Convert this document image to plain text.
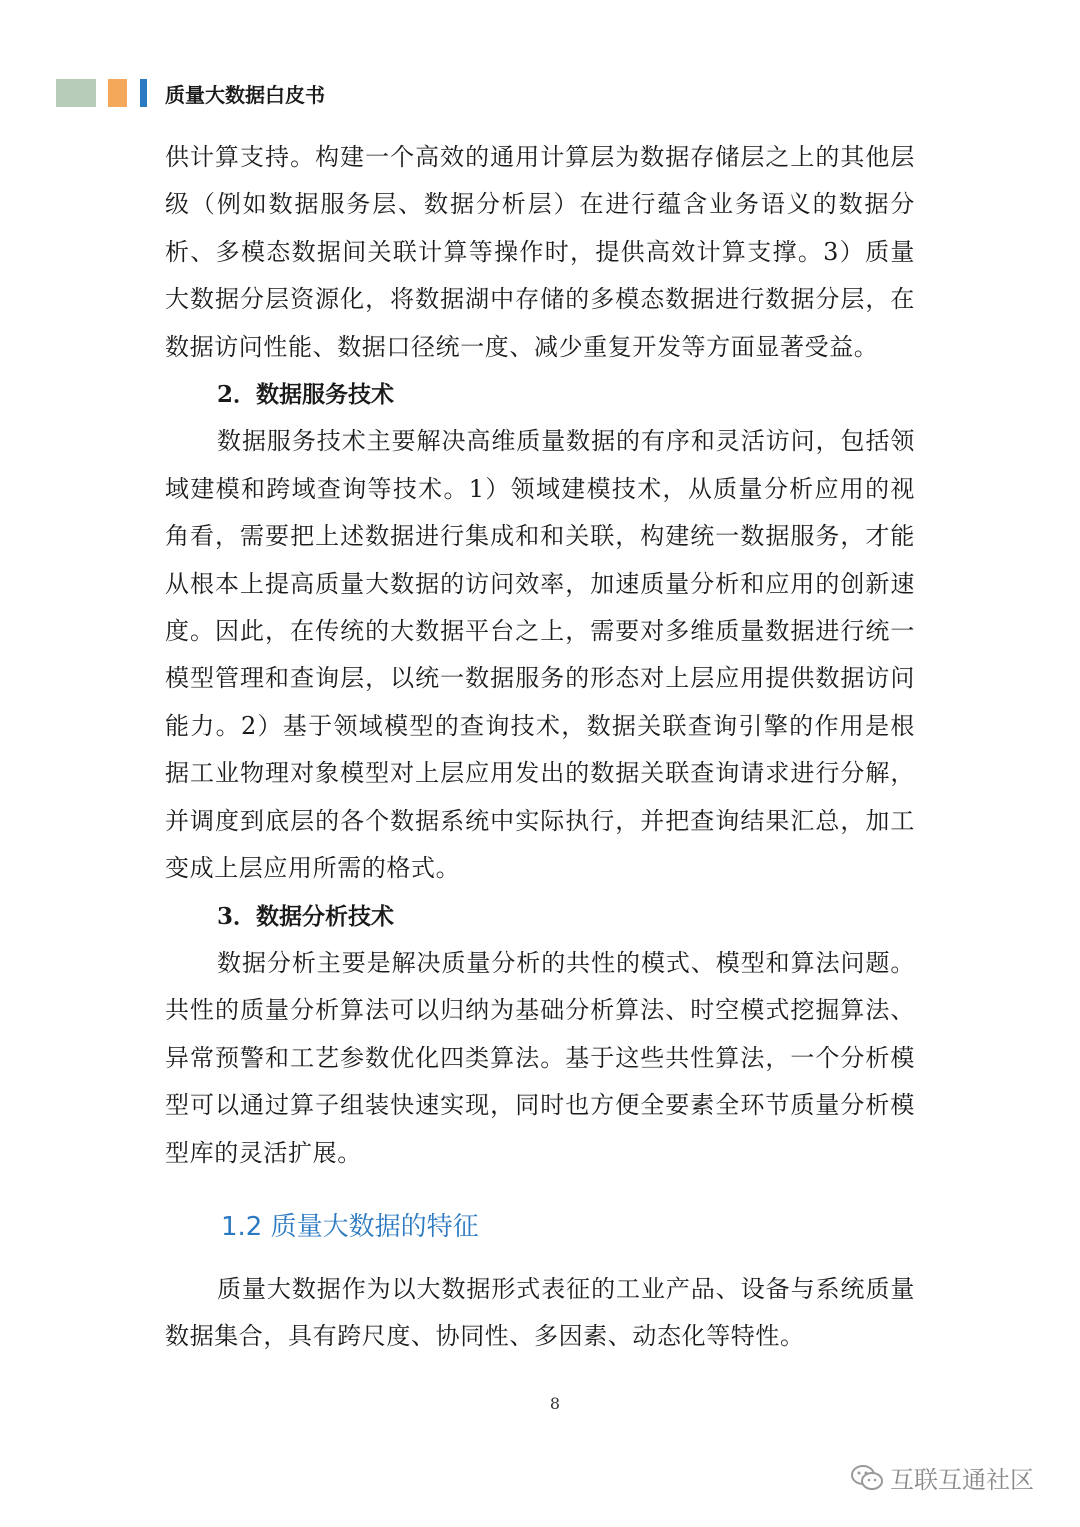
质量大数据白皮书

供计算支持。构建一个高效的通用计算层为数据存储层之上的其他层级（例如数据服务层、数据分析层）在进行蕴含业务语义的数据分析、多模态数据间关联计算等操作时，提供高效计算支撑。3）质量大数据分层资源化，将数据湖中存储的多模态数据进行数据分层，在数据访问性能、数据口径统一度、减少重复开发等方面显著受益。

2．数据服务技术

数据服务技术主要解决高维质量数据的有序和灵活访问，包括领域建模和跨域查询等技术。1）领域建模技术，从质量分析应用的视角看，需要把上述数据进行集成和和关联，构建统一数据服务，才能从根本上提高质量大数据的访问效率，加速质量分析和应用的创新速度。因此，在传统的大数据平台之上，需要对多维质量数据进行统一模型管理和查询层，以统一数据服务的形态对上层应用提供数据访问能力。2）基于领域模型的查询技术，数据关联查询引擎的作用是根据工业物理对象模型对上层应用发出的数据关联查询请求进行分解，并调度到底层的各个数据系统中实际执行，并把查询结果汇总，加工变成上层应用所需的格式。

3．数据分析技术

数据分析主要是解决质量分析的共性的模式、模型和算法问题。共性的质量分析算法可以归纳为基础分析算法、时空模式挖掘算法、异常预警和工艺参数优化四类算法。基于这些共性算法，一个分析模型可以通过算子组装快速实现，同时也方便全要素全环节质量分析模型库的灵活扩展。

1.2 质量大数据的特征

质量大数据作为以大数据形式表征的工业产品、设备与系统质量数据集合，具有跨尺度、协同性、多因素、动态化等特性。

8
互联互通社区
